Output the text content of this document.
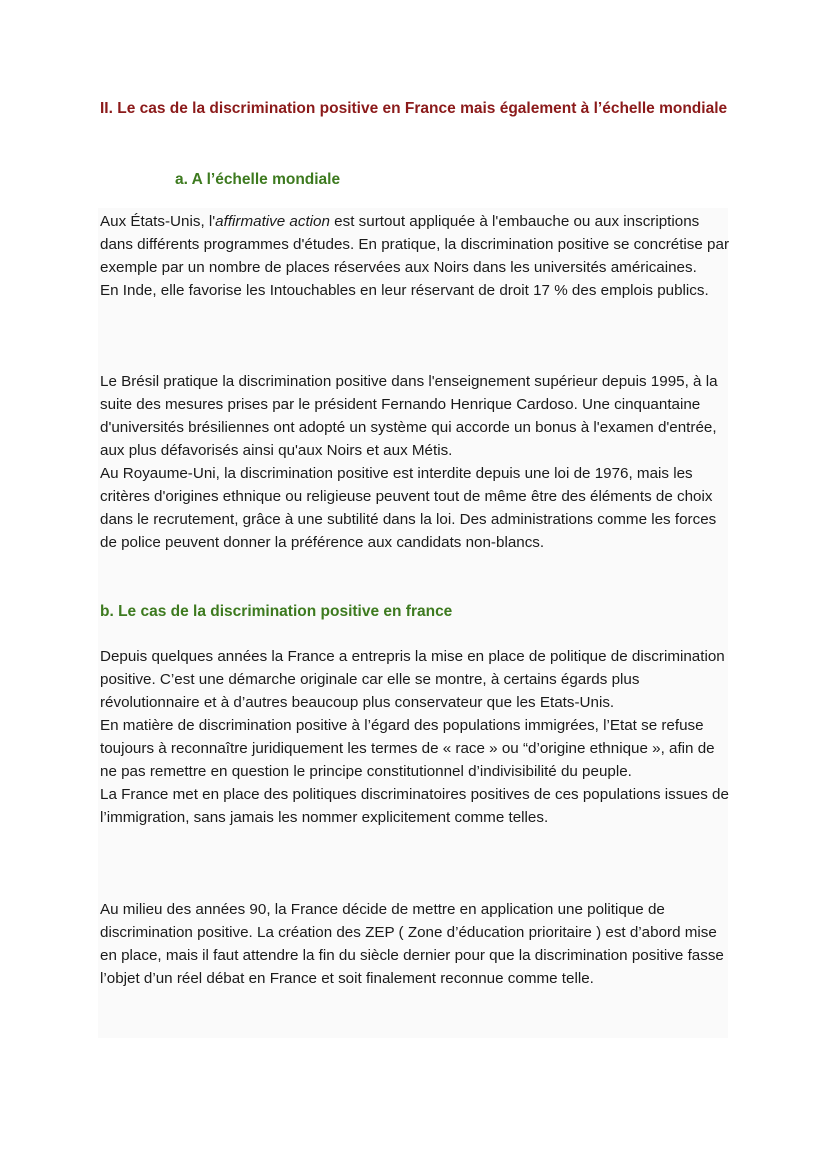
II. Le cas de la discrimination positive en France mais également à l’échelle mondiale
a. A l’échelle mondiale

Aux États-Unis, l'affirmative action est surtout appliquée à l'embauche ou aux inscriptions dans différents programmes d'études. En pratique, la discrimination positive se concrétise par exemple par un nombre de places réservées aux Noirs dans les universités américaines.

En Inde, elle favorise les Intouchables en leur réservant de droit 17 % des emplois publics.

Le Brésil pratique la discrimination positive dans l'enseignement supérieur depuis 1995, à la suite des mesures prises par le président Fernando Henrique Cardoso. Une cinquantaine d'universités brésiliennes ont adopté un système qui accorde un bonus à l'examen d'entrée, aux plus défavorisés ainsi qu'aux Noirs et aux Métis.

Au Royaume-Uni, la discrimination positive est interdite depuis une loi de 1976, mais les critères d'origines ethnique ou religieuse peuvent tout de même être des éléments de choix dans le recrutement, grâce à une subtilité dans la loi. Des administrations comme les forces de police peuvent donner la préférence aux candidats non-blancs.

b. Le cas de la discrimination positive en france

Depuis quelques années la France a entrepris la mise en place de politique de discrimination positive. C’est une démarche originale car elle se montre, à certains égards plus révolutionnaire et à d’autres beaucoup plus conservateur que les Etats-Unis.

En matière de discrimination positive à l’égard des populations immigrées, l’Etat se refuse toujours à reconnaître juridiquement les termes de « race » ou “d’origine ethnique », afin de ne pas remettre en question le principe constitutionnel d’indivisibilité du peuple.

La France met en place des politiques discriminatoires positives de ces populations issues de l’immigration, sans jamais les nommer explicitement comme telles.

Au milieu des années 90, la France décide de mettre en application une politique de discrimination positive. La création des ZEP ( Zone d’éducation prioritaire ) est d’abord mise en place, mais il faut attendre la fin du siècle dernier pour que la discrimination positive fasse l’objet d’un réel débat en France et soit finalement reconnue comme telle.
